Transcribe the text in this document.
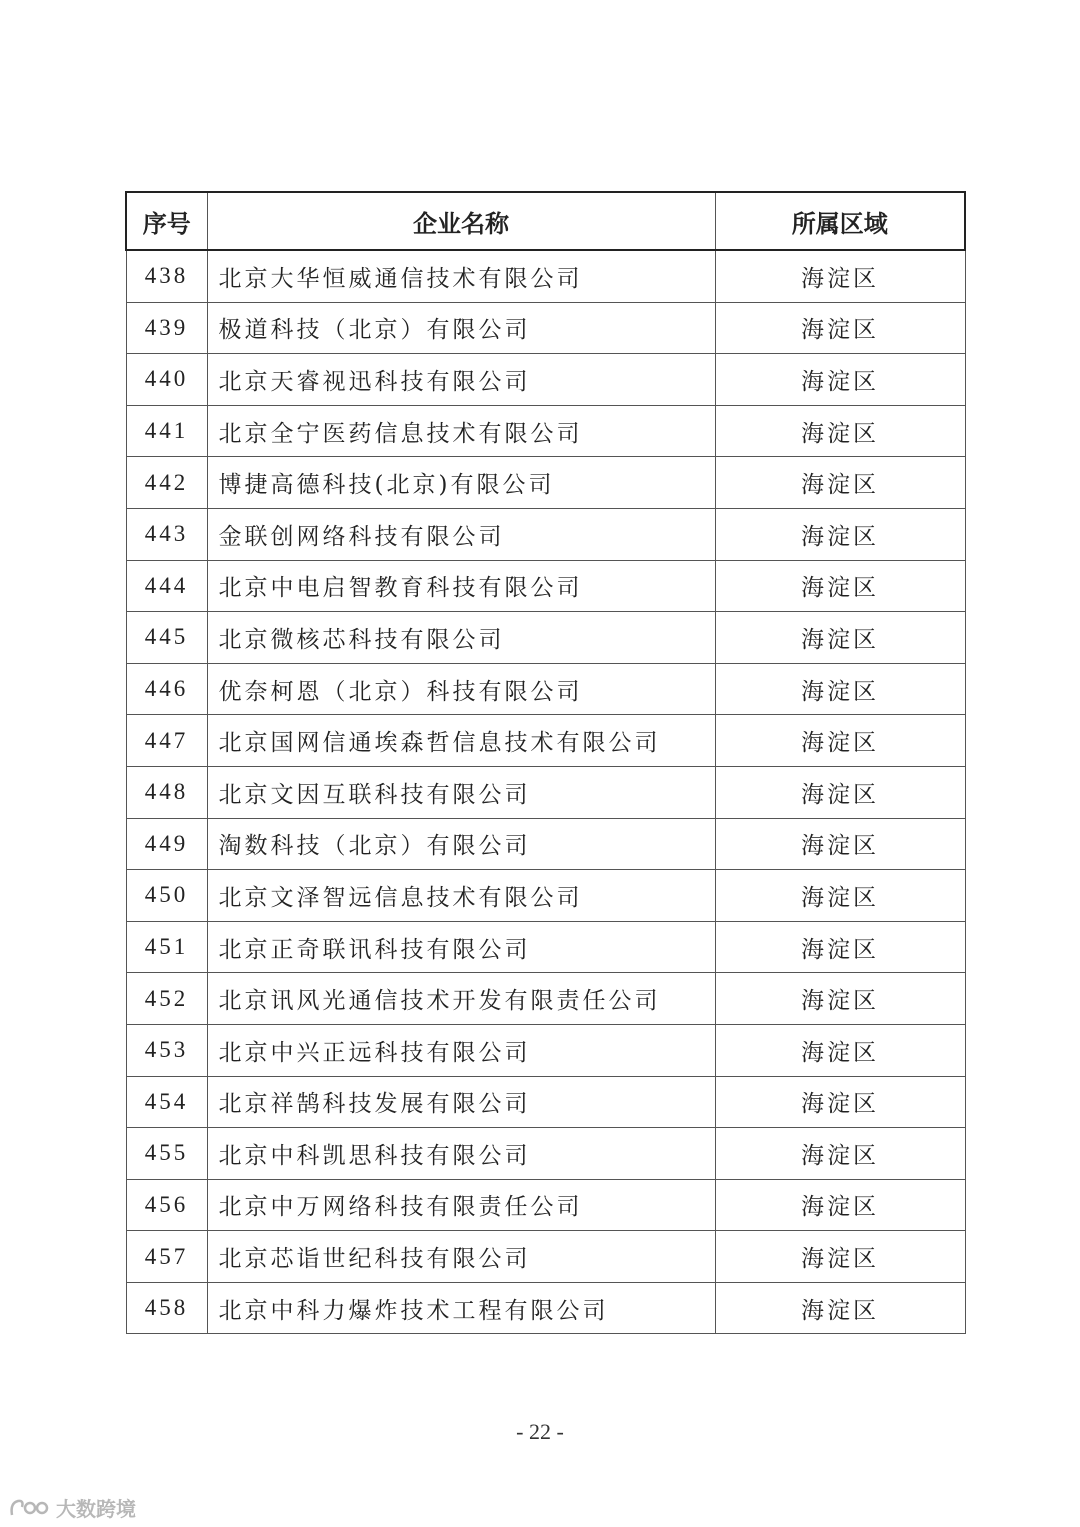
序号	企业名称	所属区域
438	北京大华恒威通信技术有限公司	海淀区
439	极道科技（北京）有限公司	海淀区
440	北京天睿视迅科技有限公司	海淀区
441	北京全宁医药信息技术有限公司	海淀区
442	博捷高德科技(北京)有限公司	海淀区
443	金联创网络科技有限公司	海淀区
444	北京中电启智教育科技有限公司	海淀区
445	北京微核芯科技有限公司	海淀区
446	优奈柯恩（北京）科技有限公司	海淀区
447	北京国网信通埃森哲信息技术有限公司	海淀区
448	北京文因互联科技有限公司	海淀区
449	淘数科技（北京）有限公司	海淀区
450	北京文泽智远信息技术有限公司	海淀区
451	北京正奇联讯科技有限公司	海淀区
452	北京讯风光通信技术开发有限责任公司	海淀区
453	北京中兴正远科技有限公司	海淀区
454	北京祥鹄科技发展有限公司	海淀区
455	北京中科凯思科技有限公司	海淀区
456	北京中万网络科技有限责任公司	海淀区
457	北京芯诣世纪科技有限公司	海淀区
458	北京中科力爆炸技术工程有限公司	海淀区
- 22 -
大数跨境
